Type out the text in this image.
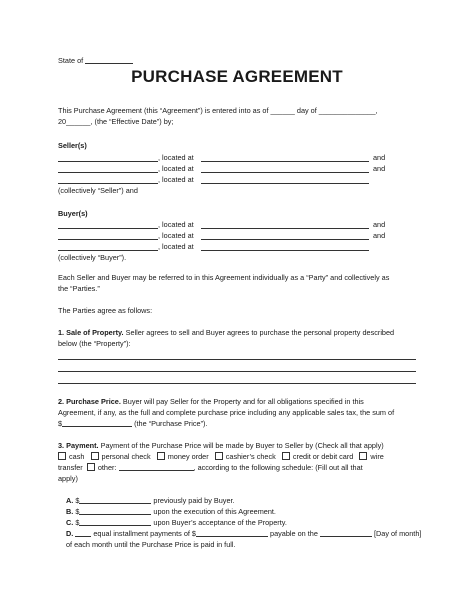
State of
PURCHASE AGREEMENT
This Purchase Agreement (this “Agreement”) is entered into as of ______ day of ______________,
20______, (the “Effective Date”) by;
Seller(s)
, located at	and
, located at	and
, located at
(collectively “Seller”) and
Buyer(s)
, located at	and
, located at	and
, located at
(collectively “Buyer”).
Each Seller and Buyer may be referred to in this Agreement individually as a “Party” and collectively as
the “Parties.”
The Parties agree as follows:
1. Sale of Property. Seller agrees to sell and Buyer agrees to purchase the personal property described
below (the “Property”):
2. Purchase Price. Buyer will pay Seller for the Property and for all obligations specified in this
Agreement, if any, as the full and complete purchase price including any applicable sales tax, the sum of
$	(the “Purchase Price”).
3. Payment. Payment of the Purchase Price will be made by Buyer to Seller by (Check all that apply)
cash personal check money order cashier’s check credit or debit card wire
transfer other:	, according to the following schedule: (Fill out all that
apply)
A. $	previously paid by Buyer.
B. $	upon the execution of this Agreement.
C. $	upon Buyer’s acceptance of the Property.
D.  equal installment payments of $	payable on the	[Day of month]
of each month until the Purchase Price is paid in full.
